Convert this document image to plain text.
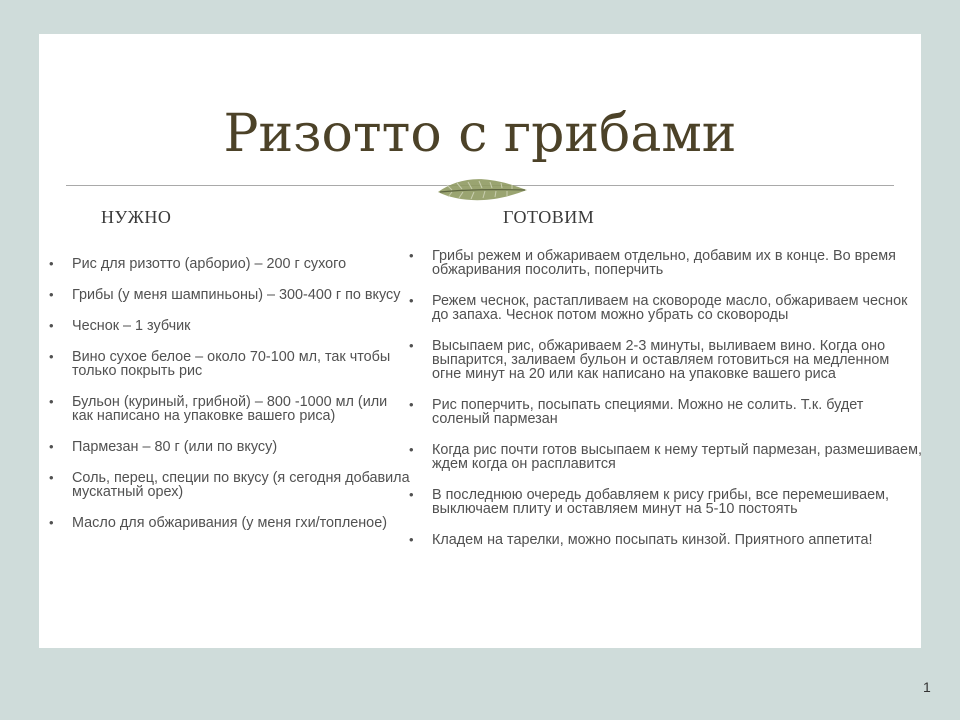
Ризотто с грибами
НУЖНО	ГОТОВИМ
• Рис для ризотто (арборио) – 200 г сухого
• Грибы (у меня шампиньоны) – 300-400 г по вкусу
• Чеснок – 1 зубчик
• Вино сухое белое – около 70-100 мл, так чтобы только покрыть рис
• Бульон (куриный, грибной) – 800 -1000 мл (или как написано на упаковке вашего риса)
• Пармезан – 80 г (или по вкусу)
• Соль, перец, специи по вкусу (я сегодня добавила мускатный орех)
• Масло для обжаривания (у меня гхи/топленое)
• Грибы режем и обжариваем отдельно, добавим их в конце. Во время обжаривания посолить, поперчить
• Режем чеснок, растапливаем на сковороде масло, обжариваем чеснок до запаха. Чеснок потом можно убрать со сковороды
• Высыпаем рис, обжариваем 2-3 минуты, выливаем вино. Когда оно выпарится, заливаем бульон и оставляем готовиться на медленном огне минут на 20 или как написано на упаковке вашего риса
• Рис поперчить, посыпать специями. Можно не солить. Т.к. будет соленый пармезан
• Когда рис почти готов высыпаем к нему тертый пармезан, размешиваем, ждем когда он расплавится
• В последнюю очередь добавляем к рису грибы, все перемешиваем, выключаем плиту и оставляем минут на 5-10 постоять
• Кладем на тарелки, можно посыпать кинзой. Приятного аппетита!
1
